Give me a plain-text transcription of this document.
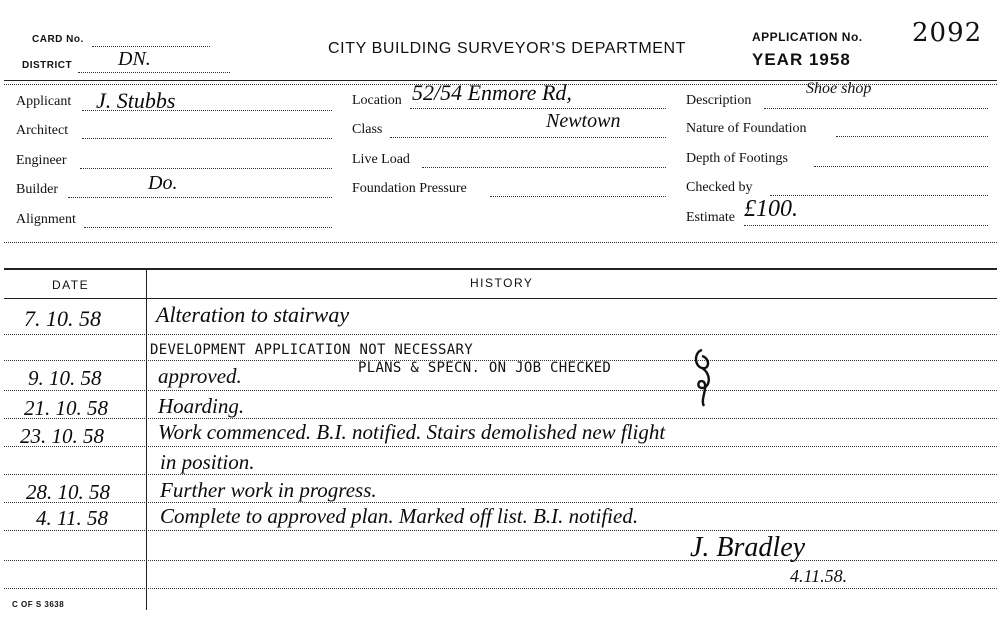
CARD No.
DISTRICT DN.	CITY BUILDING SURVEYOR'S DEPARTMENT
APPLICATION No. 2092
YEAR 1958
Applicant J. Stubbs
Architect
Engineer
Builder	Do.
Alignment
Location 52/54 Enmore Rd,
Class	Newtown
Live Load
Foundation Pressure
Description
Shoe shop
Nature of Foundation
Depth of Footings
Checked by
Estimate £100.
DATE	HISTORY
7. 10. 58	Alteration to stairway
DEVELOPMENT APPLICATION NOT NECESSARY
9. 10. 58	approved.	PLANS & SPECN. ON JOB CHECKED
21. 10. 58 Hoarding.
23. 10. 58	Work commenced. B.I. notified. Stairs demolished new flight
in position.
28. 10. 58 Further work in progress.
4. 11. 58 Complete to approved plan. Marked off list. B.I. notified.
J. Bradley
4.11.58.
C OF S 3638
